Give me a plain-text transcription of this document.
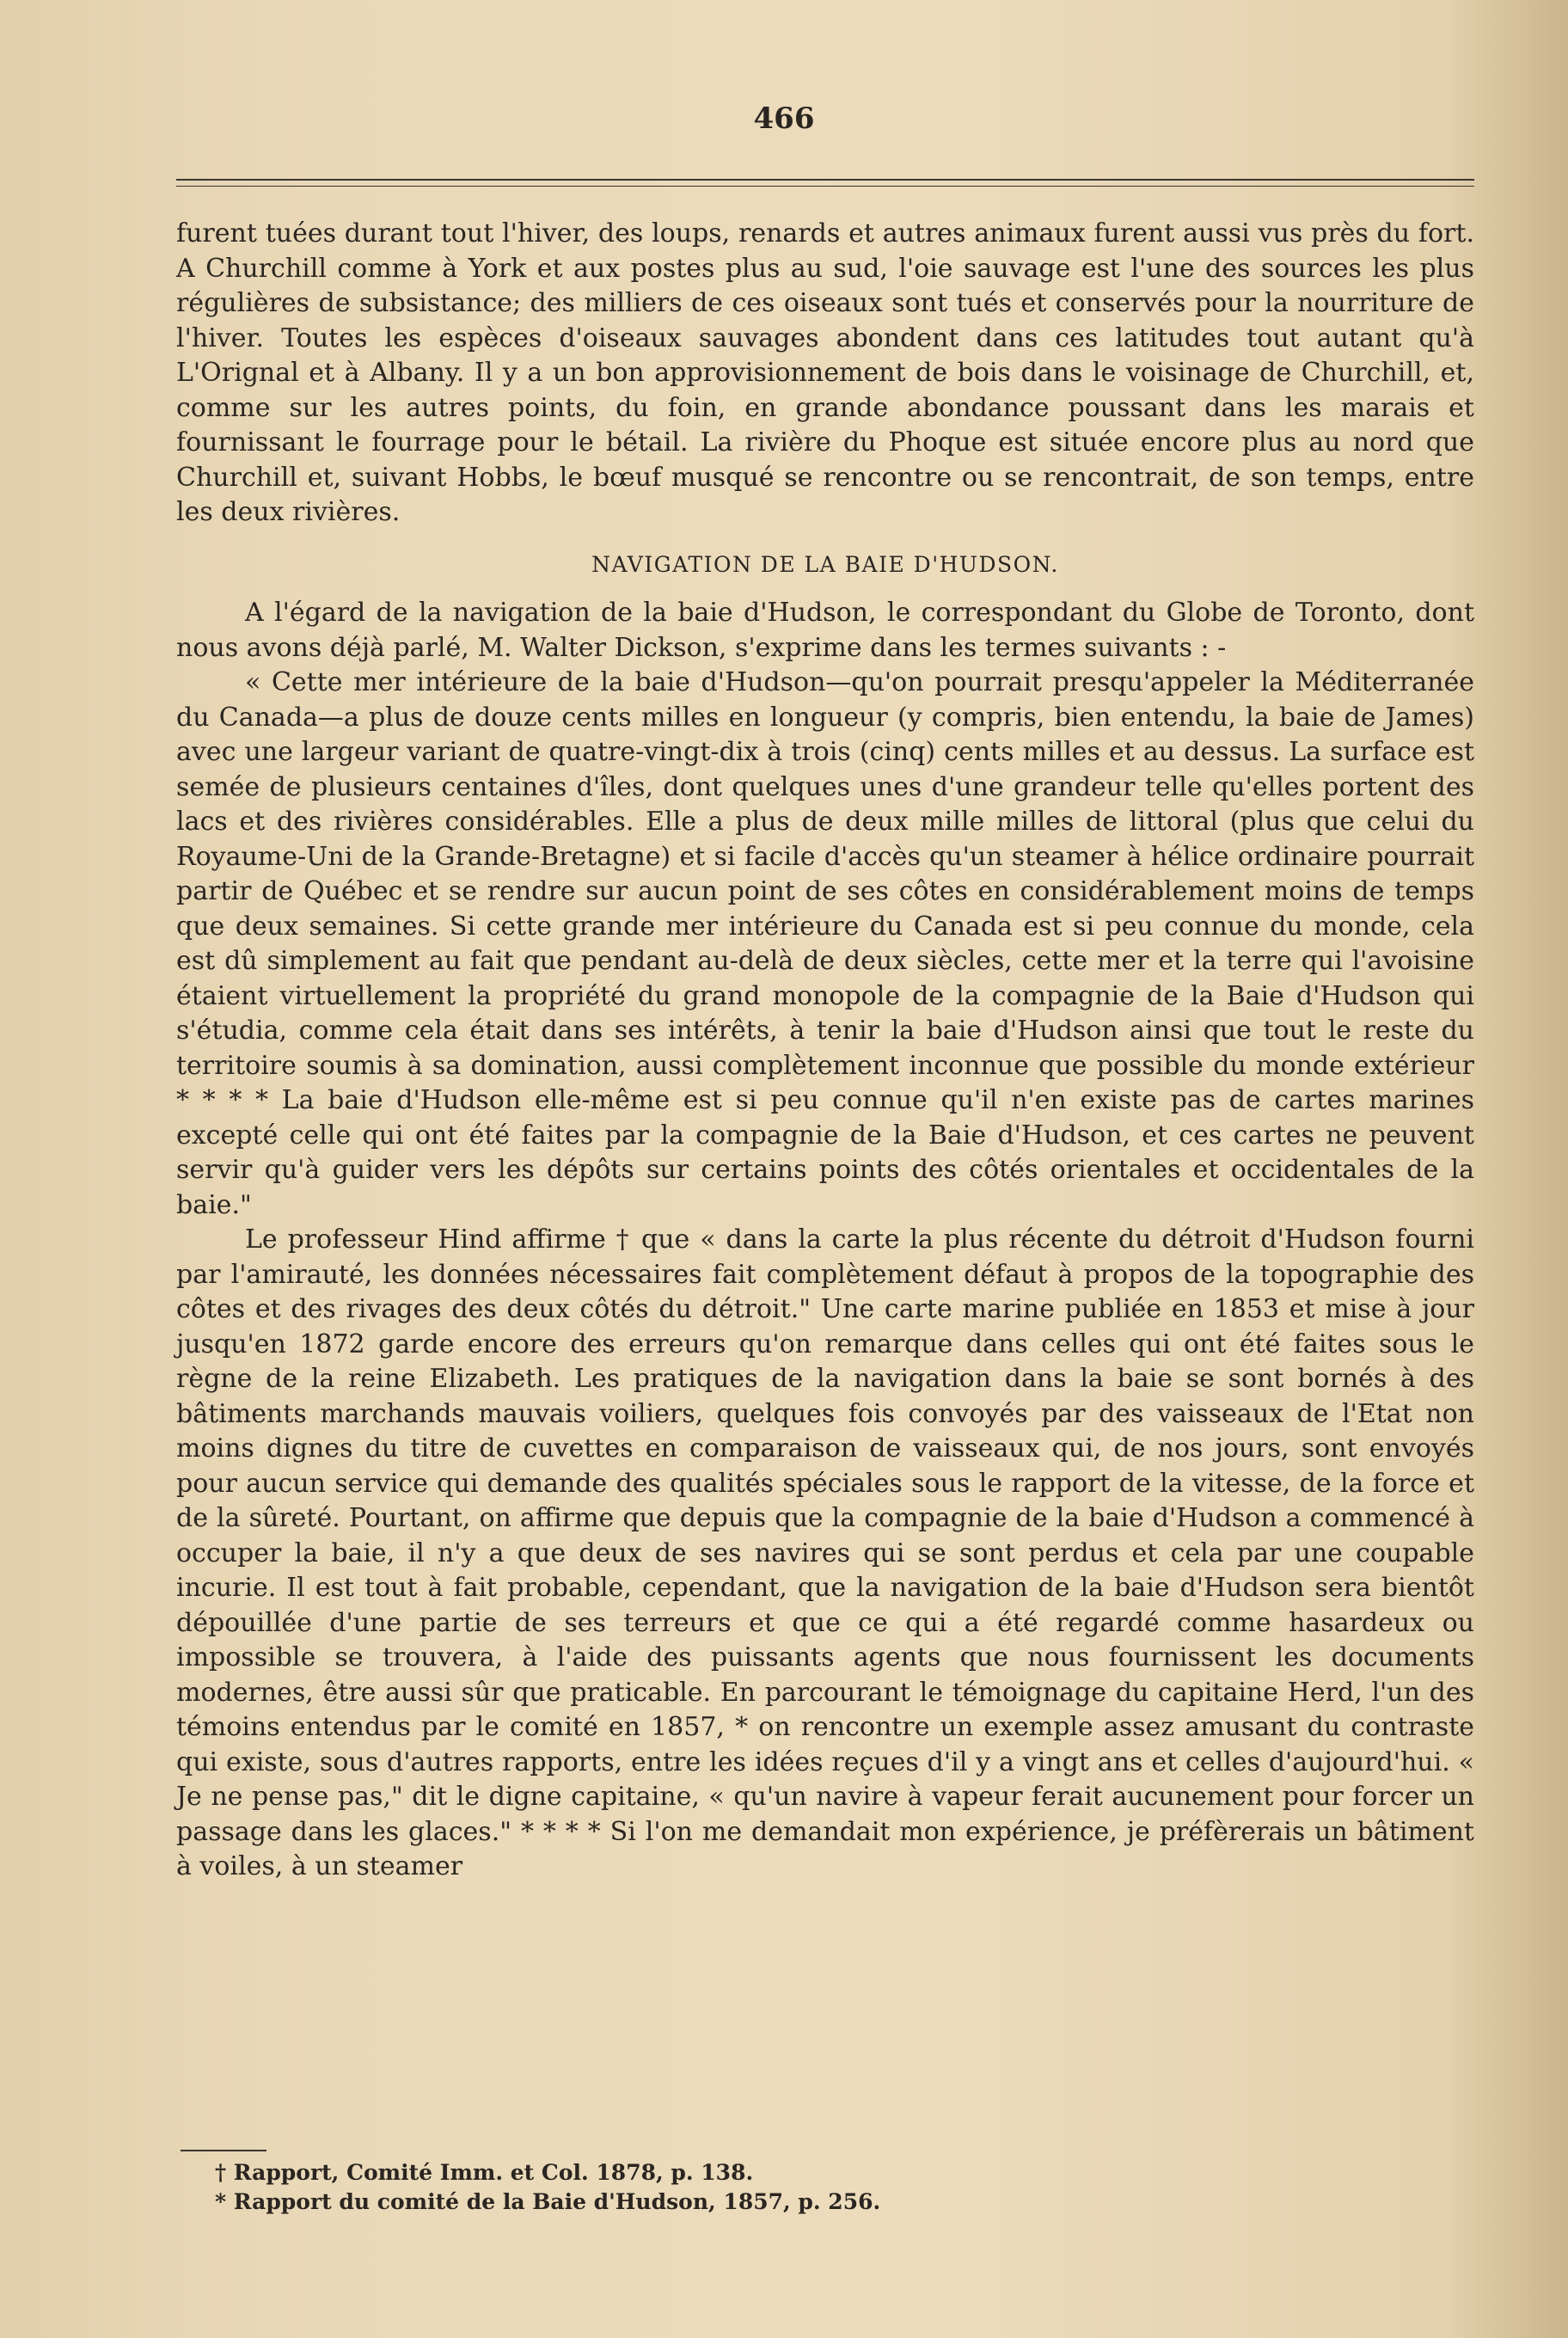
466

furent tuées durant tout l'hiver, des loups, renards et autres animaux furent aussi vus près du fort. A Churchill comme à York et aux postes plus au sud, l'oie sauvage est l'une des sources les plus régulières de subsistance; des milliers de ces oiseaux sont tués et conservés pour la nourriture de l'hiver. Toutes les espèces d'oiseaux sauvages abondent dans ces latitudes tout autant qu'à L'Orignal et à Albany. Il y a un bon approvisionnement de bois dans le voisinage de Churchill, et, comme sur les autres points, du foin, en grande abondance poussant dans les marais et fournissant le fourrage pour le bétail. La rivière du Phoque est située encore plus au nord que Churchill et, suivant Hobbs, le bœuf musqué se rencontre ou se rencontrait, de son temps, entre les deux rivières.

NAVIGATION DE LA BAIE D'HUDSON.

A l'égard de la navigation de la baie d'Hudson, le correspondant du Globe de Toronto, dont nous avons déjà parlé, M. Walter Dickson, s'exprime dans les termes suivants : -

« Cette mer intérieure de la baie d'Hudson—qu'on pourrait presqu'appeler la Méditerranée du Canada—a plus de douze cents milles en longueur (y compris, bien entendu, la baie de James) avec une largeur variant de quatre-vingt-dix à trois (cinq) cents milles et au dessus. La surface est semée de plusieurs centaines d'îles, dont quelques unes d'une grandeur telle qu'elles portent des lacs et des rivières considérables. Elle a plus de deux mille milles de littoral (plus que celui du Royaume-Uni de la Grande-Bretagne) et si facile d'accès qu'un steamer à hélice ordinaire pourrait partir de Québec et se rendre sur aucun point de ses côtes en considérablement moins de temps que deux semaines. Si cette grande mer intérieure du Canada est si peu connue du monde, cela est dû simplement au fait que pendant au-delà de deux siècles, cette mer et la terre qui l'avoisine étaient virtuellement la propriété du grand monopole de la compagnie de la Baie d'Hudson qui s'étudia, comme cela était dans ses intérêts, à tenir la baie d'Hudson ainsi que tout le reste du territoire soumis à sa domination, aussi complètement inconnue que possible du monde extérieur * * * * La baie d'Hudson elle-même est si peu connue qu'il n'en existe pas de cartes marines excepté celle qui ont été faites par la compagnie de la Baie d'Hudson, et ces cartes ne peuvent servir qu'à guider vers les dépôts sur certains points des côtés orientales et occidentales de la baie."

Le professeur Hind affirme † que « dans la carte la plus récente du détroit d'Hudson fourni par l'amirauté, les données nécessaires fait complètement défaut à propos de la topographie des côtes et des rivages des deux côtés du détroit." Une carte marine publiée en 1853 et mise à jour jusqu'en 1872 garde encore des erreurs qu'on remarque dans celles qui ont été faites sous le règne de la reine Elizabeth. Les pratiques de la navigation dans la baie se sont bornés à des bâtiments marchands mauvais voiliers, quelques fois convoyés par des vaisseaux de l'Etat non moins dignes du titre de cuvettes en comparaison de vaisseaux qui, de nos jours, sont envoyés pour aucun service qui demande des qualités spéciales sous le rapport de la vitesse, de la force et de la sûreté. Pourtant, on affirme que depuis que la compagnie de la baie d'Hudson a commencé à occuper la baie, il n'y a que deux de ses navires qui se sont perdus et cela par une coupable incurie. Il est tout à fait probable, cependant, que la navigation de la baie d'Hudson sera bientôt dépouillée d'une partie de ses terreurs et que ce qui a été regardé comme hasardeux ou impossible se trouvera, à l'aide des puissants agents que nous fournissent les documents modernes, être aussi sûr que praticable. En parcourant le témoignage du capitaine Herd, l'un des témoins entendus par le comité en 1857, * on rencontre un exemple assez amusant du contraste qui existe, sous d'autres rapports, entre les idées reçues d'il y a vingt ans et celles d'aujourd'hui. « Je ne pense pas," dit le digne capitaine, « qu'un navire à vapeur ferait aucunement pour forcer un passage dans les glaces." * * * * Si l'on me demandait mon expérience, je préfèrerais un bâtiment à voiles, à un steamer

† Rapport, Comité Imm. et Col. 1878, p. 138.

* Rapport du comité de la Baie d'Hudson, 1857, p. 256.
